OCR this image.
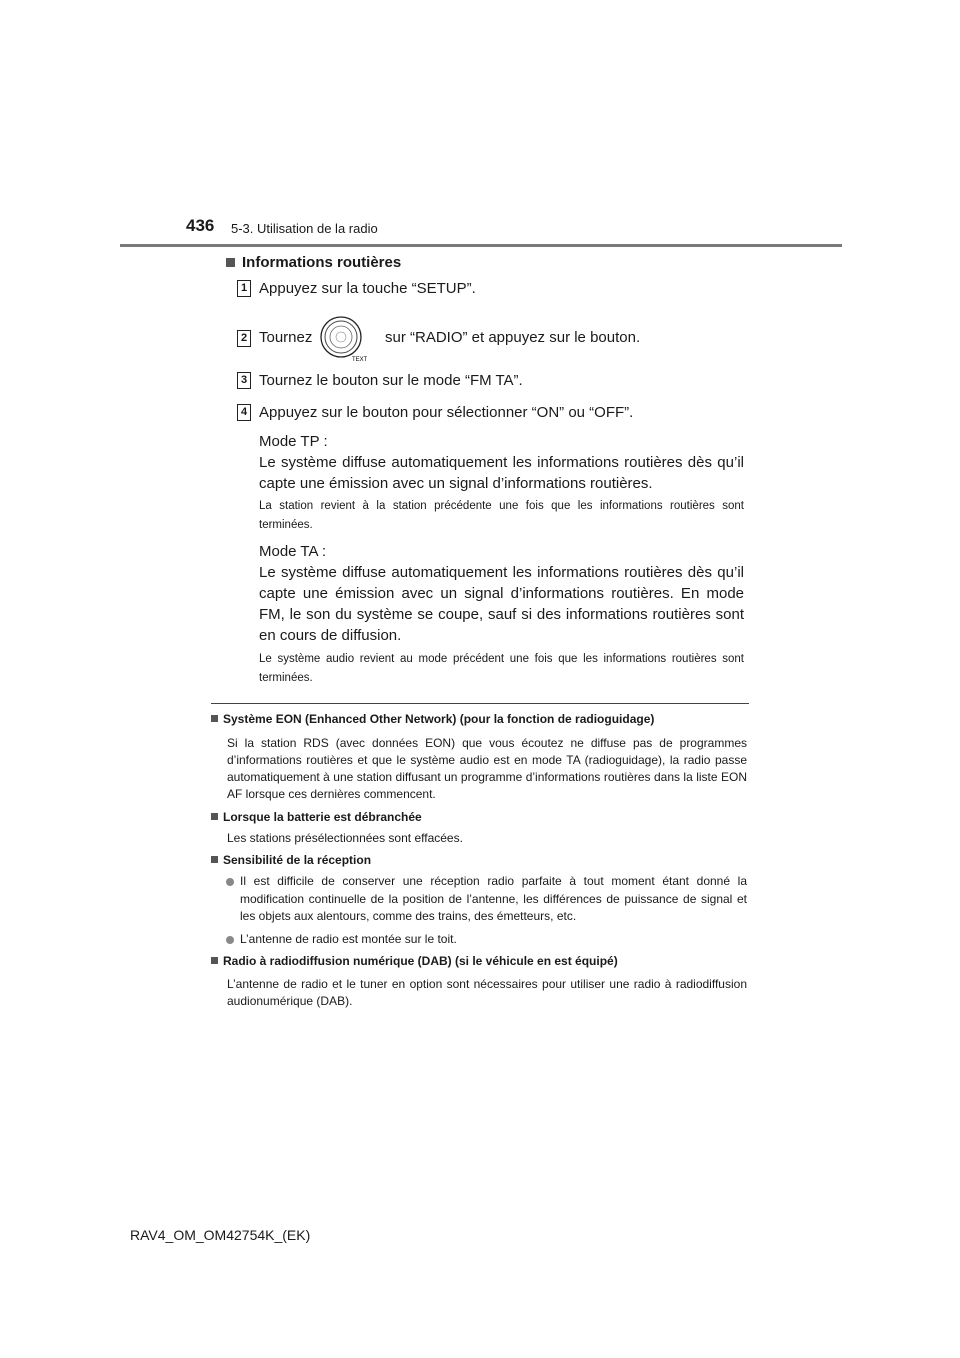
436 5-3. Utilisation de la radio
Informations routières
1 Appuyez sur la touche “SETUP”.
2 Tournez
TEXT
sur “RADIO” et appuyez sur le bouton.
3 Tournez le bouton sur le mode “FM TA”.
4 Appuyez sur le bouton pour sélectionner “ON” ou “OFF”.
Mode TP :
Le système diffuse automatiquement les informations routières dès qu’il capte une émission avec un signal d’informations routières.
La station revient à la station précédente une fois que les informations routières sont terminées.
Mode TA :
Le système diffuse automatiquement les informations routières dès qu’il capte une émission avec un signal d’informations routières. En mode FM, le son du système se coupe, sauf si des informations routières sont en cours de diffusion.
Le système audio revient au mode précédent une fois que les informations routières sont terminées.
Système EON (Enhanced Other Network) (pour la fonction de radioguidage)
Si la station RDS (avec données EON) que vous écoutez ne diffuse pas de programmes d’informations routières et que le système audio est en mode TA (radioguidage), la radio passe automatiquement à une station diffusant un programme d’informations routières dans la liste EON AF lorsque ces dernières commencent.
Lorsque la batterie est débranchée
Les stations présélectionnées sont effacées.
Sensibilité de la réception
Il est difficile de conserver une réception radio parfaite à tout moment étant donné la modification continuelle de la position de l’antenne, les différences de puissance de signal et les objets aux alentours, comme des trains, des émetteurs, etc.
L’antenne de radio est montée sur le toit.
Radio à radiodiffusion numérique (DAB) (si le véhicule en est équipé)
L’antenne de radio et le tuner en option sont nécessaires pour utiliser une radio à radiodiffusion audionumérique (DAB).
RAV4_OM_OM42754K_(EK)
